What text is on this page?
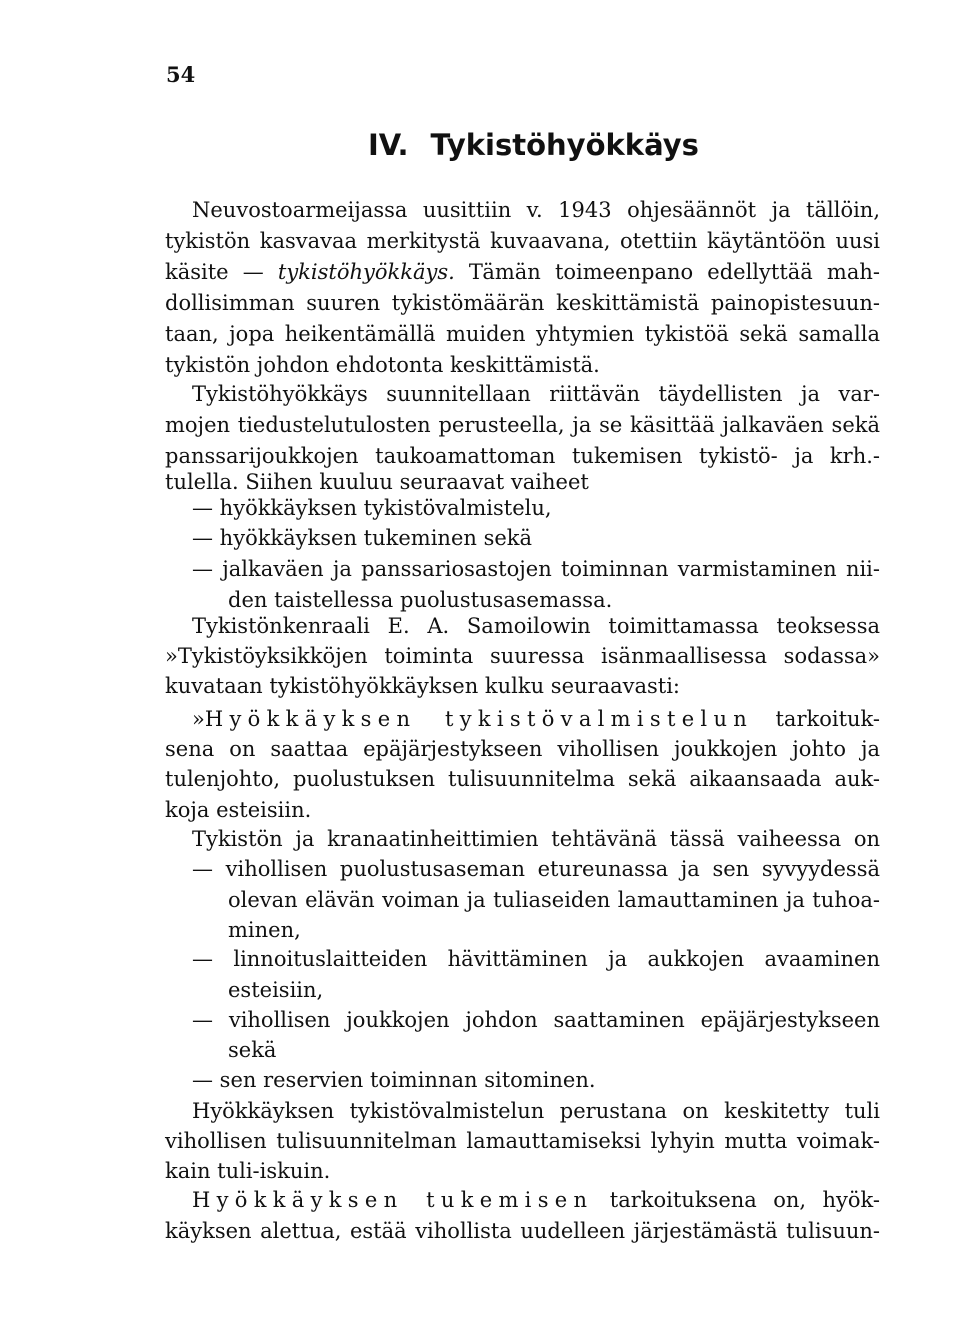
54
IV. Tykistöhyökkäys
Neuvostoarmeijassa uusittiin v. 1943 ohjesäännöt ja tällöin,
tykistön kasvavaa merkitystä kuvaavana, otettiin käytäntöön uusi
käsite — tykistöhyökkäys. Tämän toimeenpano edellyttää mah-
dollisimman suuren tykistömäärän keskittämistä painopistesuun-
taan, jopa heikentämällä muiden yhtymien tykistöä sekä samalla
tykistön johdon ehdotonta keskittämistä.
Tykistöhyökkäys suunnitellaan riittävän täydellisten ja var-
mojen tiedustelutulosten perusteella, ja se käsittää jalkaväen sekä
panssarijoukkojen taukoamattoman tukemisen tykistö- ja krh.-
tulella. Siihen kuuluu seuraavat vaiheet
— hyökkäyksen tykistövalmistelu,
— hyökkäyksen tukeminen sekä
— jalkaväen ja panssariosastojen toiminnan varmistaminen nii-
den taistellessa puolustusasemassa.
Tykistönkenraali E. A. Samoilowin toimittamassa teoksessa
»Tykistöyksikköjen toiminta suuressa isänmaallisessa sodassa»
kuvataan tykistöhyökkäyksen kulku seuraavasti:
»Hyökkäyksen tykistövalmistelun tarkoituk-
sena on saattaa epäjärjestykseen vihollisen joukkojen johto ja
tulenjohto, puolustuksen tulisuunnitelma sekä aikaansaada auk-
koja esteisiin.
Tykistön ja kranaatinheittimien tehtävänä tässä vaiheessa on
— vihollisen puolustusaseman etureunassa ja sen syvyydessä
olevan elävän voiman ja tuliaseiden lamauttaminen ja tuhoa-
minen,
— linnoituslaitteiden hävittäminen ja aukkojen avaaminen
esteisiin,
— vihollisen joukkojen johdon saattaminen epäjärjestykseen
sekä
— sen reservien toiminnan sitominen.
Hyökkäyksen tykistövalmistelun perustana on keskitetty tuli
vihollisen tulisuunnitelman lamauttamiseksi lyhyin mutta voimak-
kain tuli-iskuin.
Hyökkäyksen tukemisen tarkoituksena on, hyök-
käyksen alettua, estää vihollista uudelleen järjestämästä tulisuun-
